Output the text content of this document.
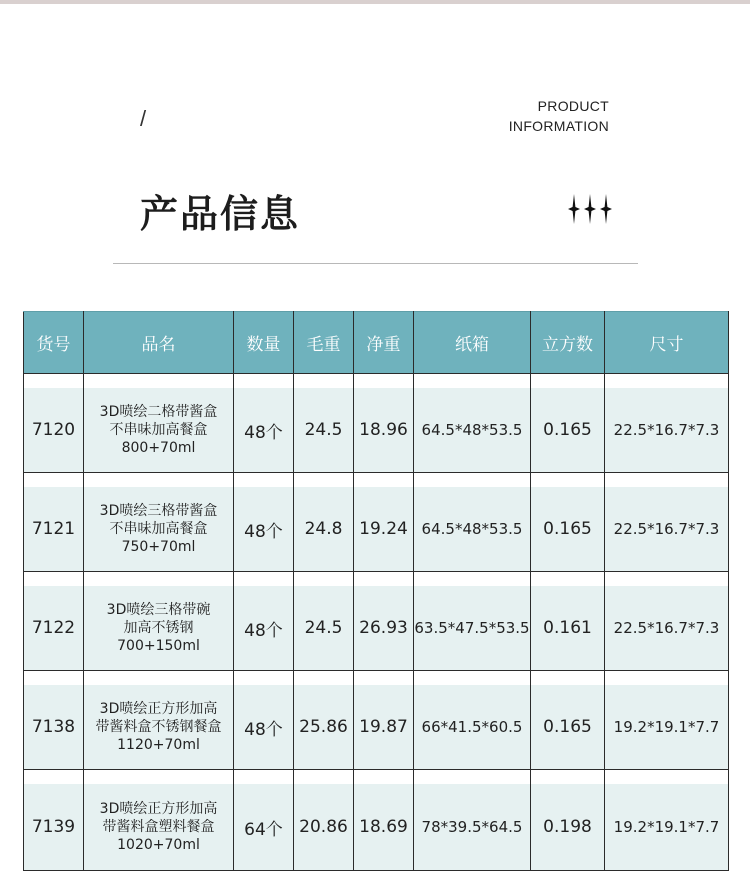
/	PRODUCT
INFORMATION
产品信息
货号	品名	数量	毛重	净重	纸箱	立方数	尺寸

7120	3D喷绘二格带酱盒
不串味加高餐盒
800+70ml	48个	24.5	18.96	64.5*48*53.5	0.165	22.5*16.7*7.3

7121	3D喷绘三格带酱盒
不串味加高餐盒
750+70ml	48个	24.8	19.24	64.5*48*53.5	0.165	22.5*16.7*7.3

7122	3D喷绘三格带碗
加高不锈钢
700+150ml	48个	24.5	26.93	63.5*47.5*53.5	0.161	22.5*16.7*7.3

7138	3D喷绘正方形加高
带酱料盒不锈钢餐盒
1120+70ml	48个	25.86	19.87	66*41.5*60.5	0.165	19.2*19.1*7.7

7139	3D喷绘正方形加高
带酱料盒塑料餐盒
1020+70ml	64个	20.86	18.69	78*39.5*64.5	0.198	19.2*19.1*7.7
